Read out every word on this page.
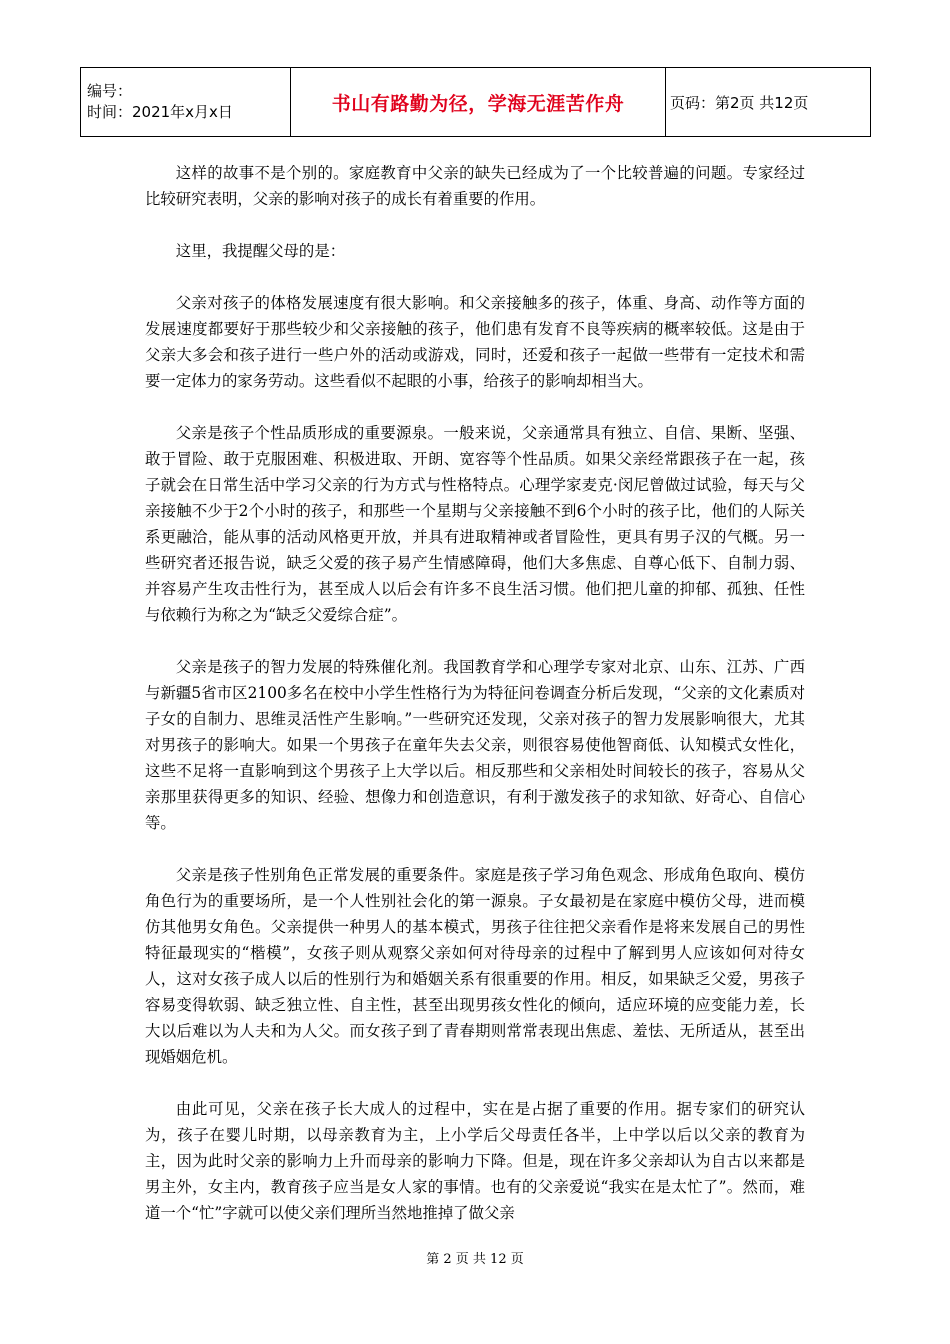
编号：
时间：2021年x月x日	书山有路勤为径，学海无涯苦作舟	页码：第2页 共12页

这样的故事不是个别的。家庭教育中父亲的缺失已经成为了一个比较普遍的问题。专家经过比较研究表明，父亲的影响对孩子的成长有着重要的作用。

这里，我提醒父母的是：

父亲对孩子的体格发展速度有很大影响。和父亲接触多的孩子，体重、身高、动作等方面的发展速度都要好于那些较少和父亲接触的孩子，他们患有发育不良等疾病的概率较低。这是由于父亲大多会和孩子进行一些户外的活动或游戏，同时，还爱和孩子一起做一些带有一定技术和需要一定体力的家务劳动。这些看似不起眼的小事，给孩子的影响却相当大。

父亲是孩子个性品质形成的重要源泉。一般来说，父亲通常具有独立、自信、果断、坚强、敢于冒险、敢于克服困难、积极进取、开朗、宽容等个性品质。如果父亲经常跟孩子在一起，孩子就会在日常生活中学习父亲的行为方式与性格特点。心理学家麦克·闵尼曾做过试验，每天与父亲接触不少于2个小时的孩子，和那些一个星期与父亲接触不到6个小时的孩子比，他们的人际关系更融洽，能从事的活动风格更开放，并具有进取精神或者冒险性，更具有男子汉的气概。另一些研究者还报告说，缺乏父爱的孩子易产生情感障碍，他们大多焦虑、自尊心低下、自制力弱、并容易产生攻击性行为，甚至成人以后会有许多不良生活习惯。他们把儿童的抑郁、孤独、任性与依赖行为称之为“缺乏父爱综合症”。

父亲是孩子的智力发展的特殊催化剂。我国教育学和心理学专家对北京、山东、江苏、广西与新疆5省市区2100多名在校中小学生性格行为为特征问卷调查分析后发现，“父亲的文化素质对子女的自制力、思维灵活性产生影响。”一些研究还发现，父亲对孩子的智力发展影响很大，尤其对男孩子的影响大。如果一个男孩子在童年失去父亲，则很容易使他智商低、认知模式女性化，这些不足将一直影响到这个男孩子上大学以后。相反那些和父亲相处时间较长的孩子，容易从父亲那里获得更多的知识、经验、想像力和创造意识，有利于激发孩子的求知欲、好奇心、自信心等。

父亲是孩子性别角色正常发展的重要条件。家庭是孩子学习角色观念、形成角色取向、模仿角色行为的重要场所，是一个人性别社会化的第一源泉。子女最初是在家庭中模仿父母，进而模仿其他男女角色。父亲提供一种男人的基本模式，男孩子往往把父亲看作是将来发展自己的男性特征最现实的“楷模”，女孩子则从观察父亲如何对待母亲的过程中了解到男人应该如何对待女人，这对女孩子成人以后的性别行为和婚姻关系有很重要的作用。相反，如果缺乏父爱，男孩子容易变得软弱、缺乏独立性、自主性，甚至出现男孩女性化的倾向，适应环境的应变能力差，长大以后难以为人夫和为人父。而女孩子到了青春期则常常表现出焦虑、羞怯、无所适从，甚至出现婚姻危机。

由此可见，父亲在孩子长大成人的过程中，实在是占据了重要的作用。据专家们的研究认为，孩子在婴儿时期，以母亲教育为主，上小学后父母责任各半，上中学以后以父亲的教育为主，因为此时父亲的影响力上升而母亲的影响力下降。但是，现在许多父亲却认为自古以来都是男主外，女主内，教育孩子应当是女人家的事情。也有的父亲爱说“我实在是太忙了”。然而，难道一个“忙”字就可以使父亲们理所当然地推掉了做父亲

第 2 页 共 12 页
